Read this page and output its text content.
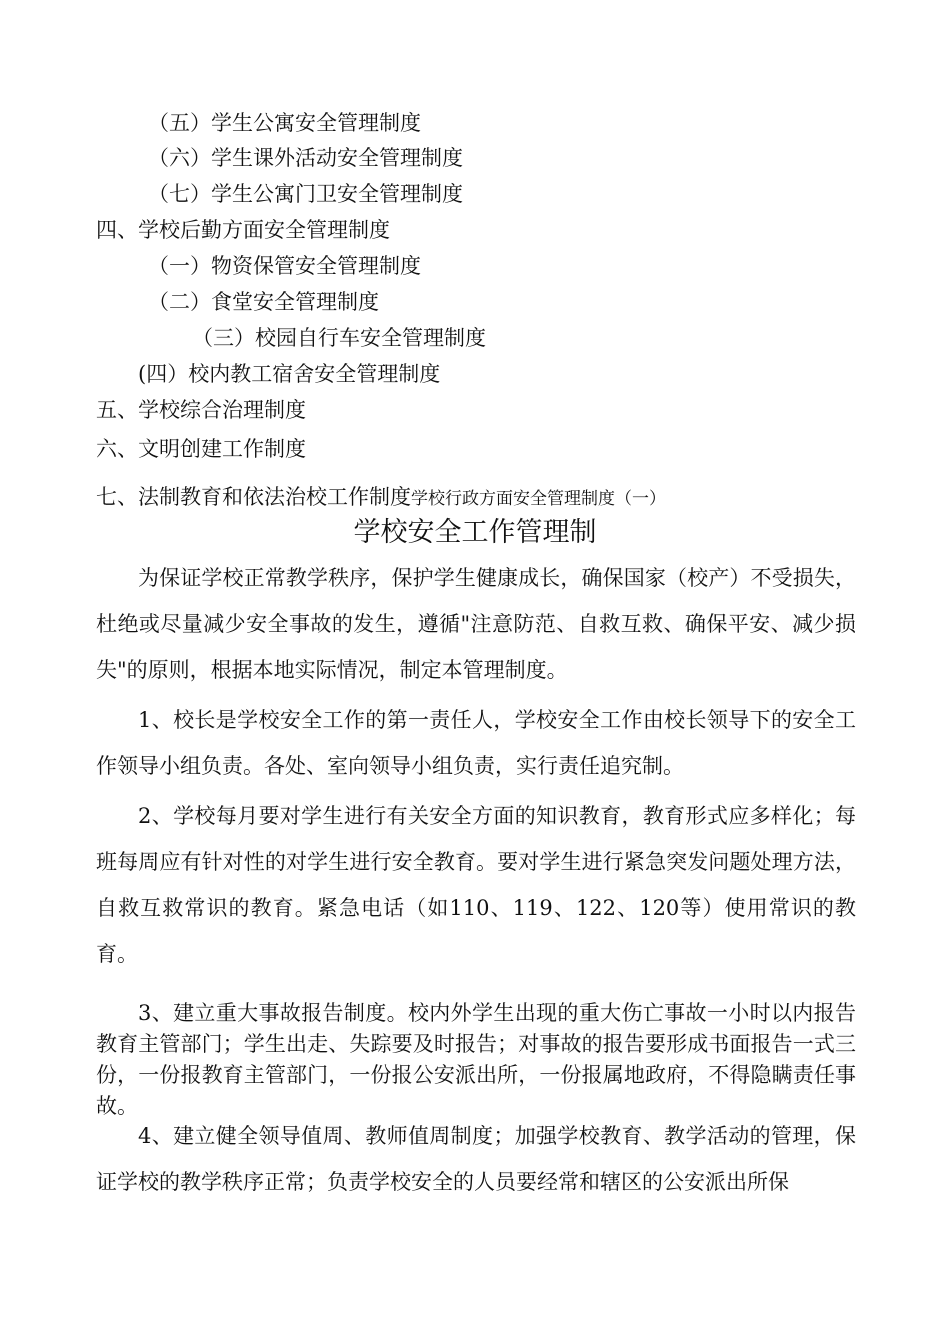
（五）学生公寓安全管理制度
（六）学生课外活动安全管理制度
（七）学生公寓门卫安全管理制度
四、学校后勤方面安全管理制度
（一）物资保管安全管理制度
（二）食堂安全管理制度
（三）校园自行车安全管理制度
(四）校内教工宿舍安全管理制度
五、学校综合治理制度
六、文明创建工作制度
七、法制教育和依法治校工作制度学校行政方面安全管理制度（一）
学校安全工作管理制

为保证学校正常教学秩序，保护学生健康成长，确保国家（校产）不受损失，杜绝或尽量减少安全事故的发生，遵循"注意防范、自救互救、确保平安、减少损失"的原则，根据本地实际情况，制定本管理制度。

1、校长是学校安全工作的第一责任人，学校安全工作由校长领导下的安全工作领导小组负责。各处、室向领导小组负责，实行责任追究制。

2、学校每月要对学生进行有关安全方面的知识教育，教育形式应多样化；每班每周应有针对性的对学生进行安全教育。要对学生进行紧急突发问题处理方法，自救互救常识的教育。紧急电话（如110、119、122、120等）使用常识的教育。

3、建立重大事故报告制度。校内外学生出现的重大伤亡事故一小时以内报告教育主管部门；学生出走、失踪要及时报告；对事故的报告要形成书面报告一式三份，一份报教育主管部门，一份报公安派出所，一份报属地政府，不得隐瞒责任事故。

4、建立健全领导值周、教师值周制度；加强学校教育、教学活动的管理，保证学校的教学秩序正常；负责学校安全的人员要经常和辖区的公安派出所保
